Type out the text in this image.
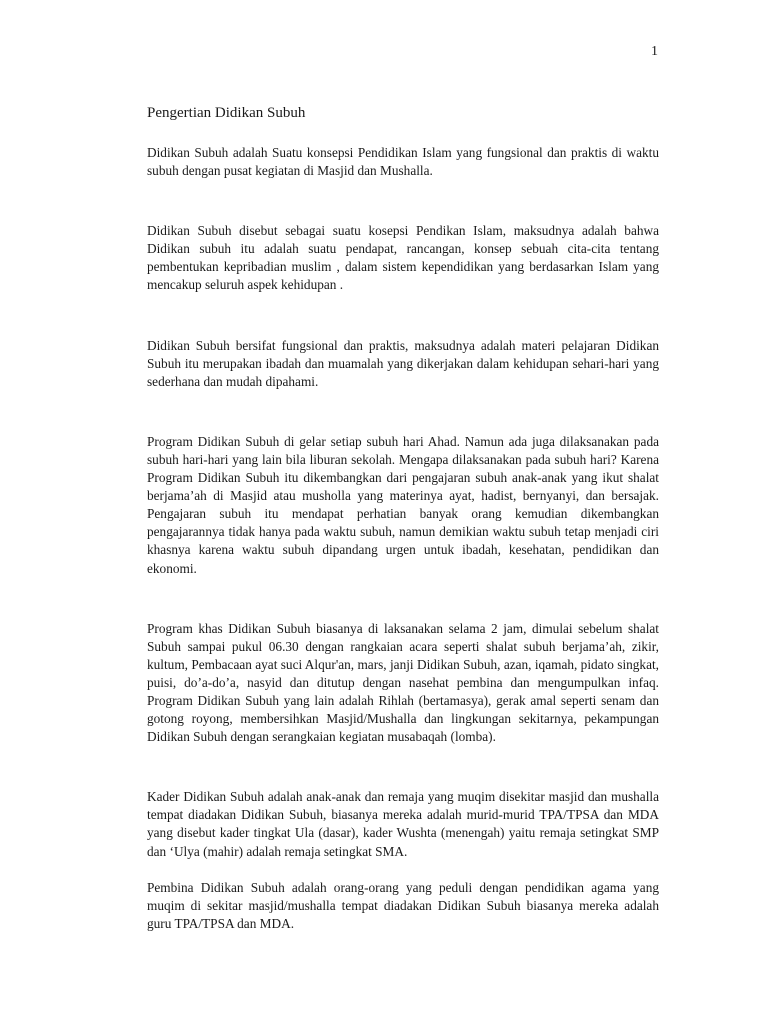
1
Pengertian Didikan Subuh

Didikan Subuh adalah Suatu konsepsi Pendidikan Islam yang fungsional dan praktis di waktu subuh dengan pusat kegiatan di Masjid dan Mushalla.

Didikan Subuh disebut sebagai suatu kosepsi Pendikan Islam, maksudnya adalah bahwa Didikan subuh itu adalah suatu pendapat, rancangan, konsep sebuah cita-cita tentang pembentukan kepribadian muslim , dalam sistem kependidikan yang berdasarkan Islam yang mencakup seluruh aspek kehidupan .

Didikan Subuh bersifat fungsional dan praktis, maksudnya adalah materi pelajaran Didikan Subuh itu merupakan ibadah dan muamalah yang dikerjakan dalam kehidupan sehari-hari yang sederhana dan mudah dipahami.

Program Didikan Subuh di gelar setiap subuh hari Ahad. Namun ada juga dilaksanakan pada subuh hari-hari yang lain bila liburan sekolah. Mengapa dilaksanakan pada subuh hari? Karena Program Didikan Subuh itu dikembangkan dari pengajaran subuh anak-anak yang ikut shalat berjama’ah di Masjid atau musholla yang materinya ayat, hadist, bernyanyi, dan bersajak. Pengajaran subuh itu mendapat perhatian banyak orang kemudian dikembangkan pengajarannya tidak hanya pada waktu subuh, namun demikian waktu subuh tetap menjadi ciri khasnya karena waktu subuh dipandang urgen untuk ibadah, kesehatan, pendidikan dan ekonomi.

Program khas Didikan Subuh biasanya di laksanakan selama 2 jam, dimulai sebelum shalat Subuh sampai pukul 06.30 dengan rangkaian acara seperti shalat subuh berjama’ah, zikir, kultum, Pembacaan ayat suci Alqur'an, mars, janji Didikan Subuh, azan, iqamah, pidato singkat, puisi, do’a-do’a, nasyid dan ditutup dengan nasehat pembina dan mengumpulkan infaq. Program Didikan Subuh yang lain adalah Rihlah (bertamasya), gerak amal seperti senam dan gotong royong, membersihkan Masjid/Mushalla dan lingkungan sekitarnya, pekampungan Didikan Subuh dengan serangkaian kegiatan musabaqah (lomba).

Kader Didikan Subuh adalah anak-anak dan remaja yang muqim disekitar masjid dan mushalla tempat diadakan Didikan Subuh, biasanya mereka adalah murid-murid TPA/TPSA dan MDA yang disebut kader tingkat Ula (dasar), kader Wushta (menengah) yaitu remaja setingkat SMP dan ‘Ulya (mahir) adalah remaja setingkat SMA.

Pembina Didikan Subuh adalah orang-orang yang peduli dengan pendidikan agama yang muqim di sekitar masjid/mushalla tempat diadakan Didikan Subuh biasanya mereka adalah guru TPA/TPSA dan MDA.
